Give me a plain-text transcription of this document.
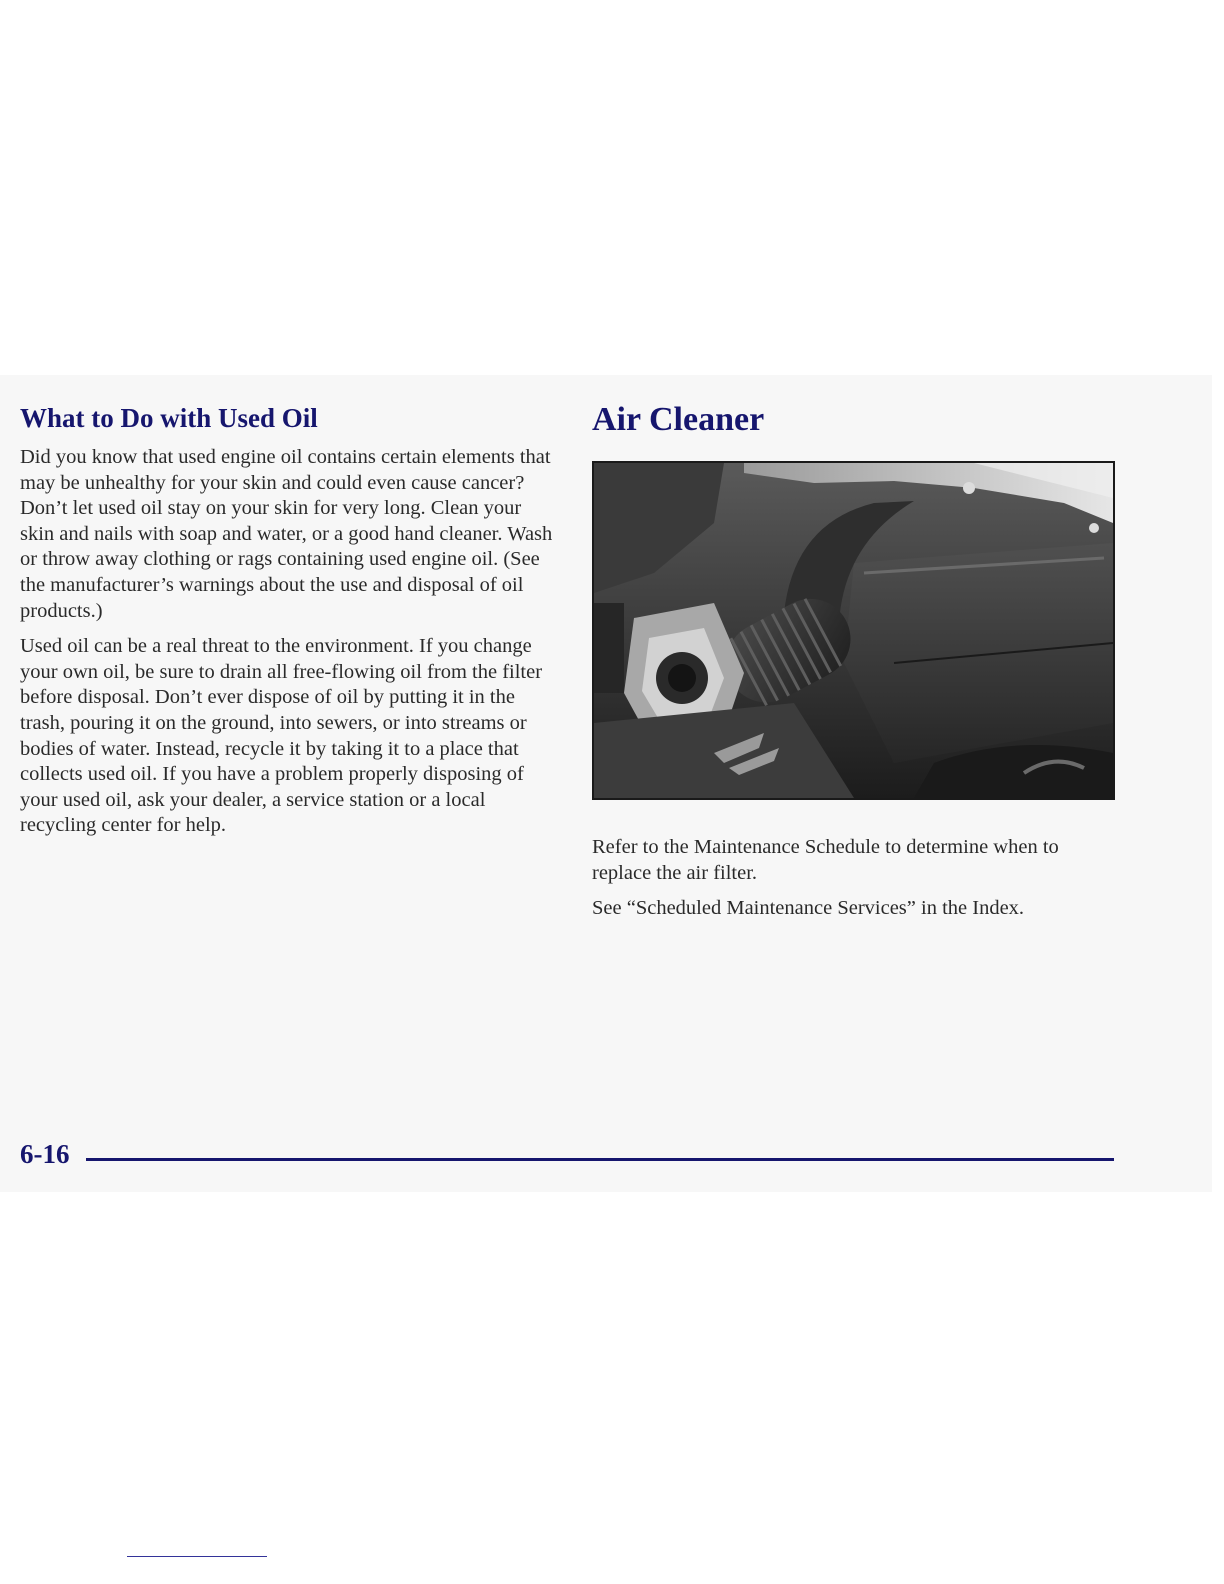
What to Do with Used Oil

Did you know that used engine oil contains certain elements that may be unhealthy for your skin and could even cause cancer? Don’t let used oil stay on your skin for very long. Clean your skin and nails with soap and water, or a good hand cleaner. Wash or throw away clothing or rags containing used engine oil. (See the manufacturer’s warnings about the use and disposal of oil products.)

Used oil can be a real threat to the environment. If you change your own oil, be sure to drain all free-flowing oil from the filter before disposal. Don’t ever dispose of oil by putting it in the trash, pouring it on the ground, into sewers, or into streams or bodies of water. Instead, recycle it by taking it to a place that collects used oil. If you have a problem properly disposing of your used oil, ask your dealer, a service station or a local recycling center for help.

Air Cleaner

Refer to the Maintenance Schedule to determine when to replace the air filter.

See “Scheduled Maintenance Services” in the Index.

6-16
